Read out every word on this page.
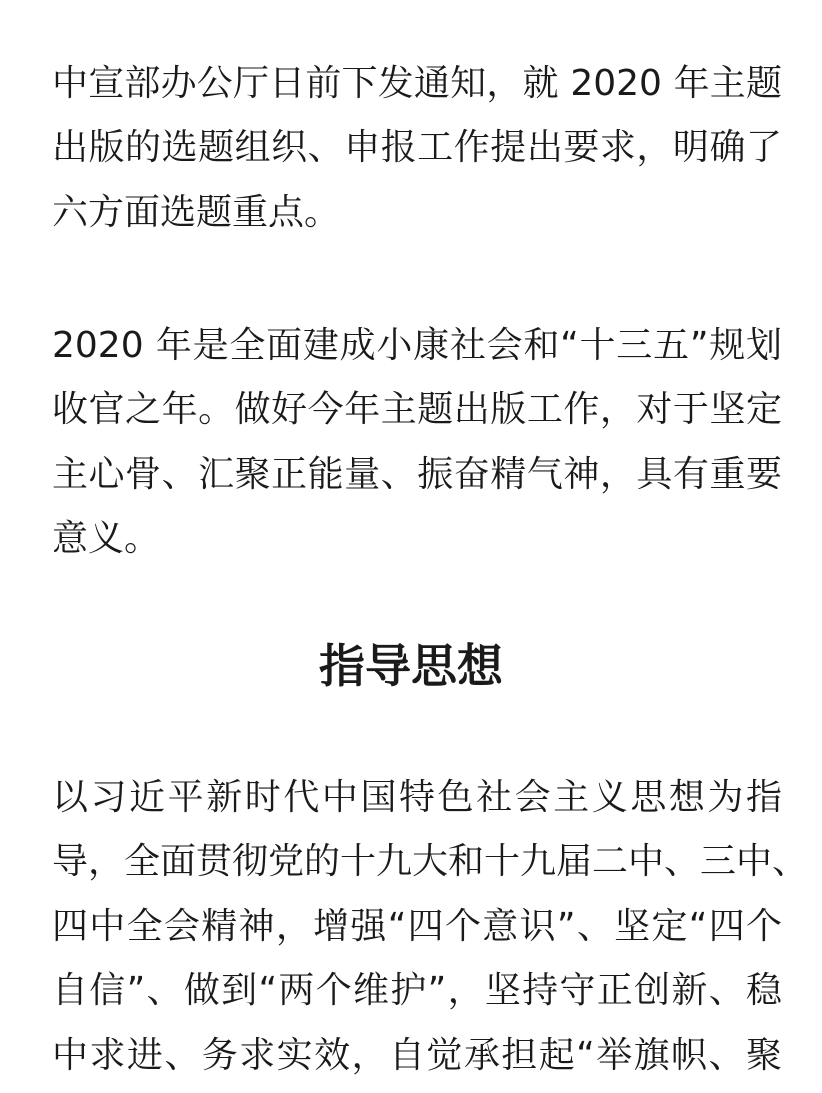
中宣部办公厅日前下发通知，就 2020 年主题
出版的选题组织、申报工作提出要求，明确了
六方面选题重点。
2020 年是全面建成小康社会和“十三五”规划
收官之年。做好今年主题出版工作，对于坚定
主心骨、汇聚正能量、振奋精气神，具有重要
意义。
指导思想
以习近平新时代中国特色社会主义思想为指
导，全面贯彻党的十九大和十九届二中、三中、
四中全会精神，增强“四个意识”、坚定“四个
自信”、做到“两个维护”，坚持守正创新、稳
中求进、务求实效，自觉承担起“举旗帜、聚
